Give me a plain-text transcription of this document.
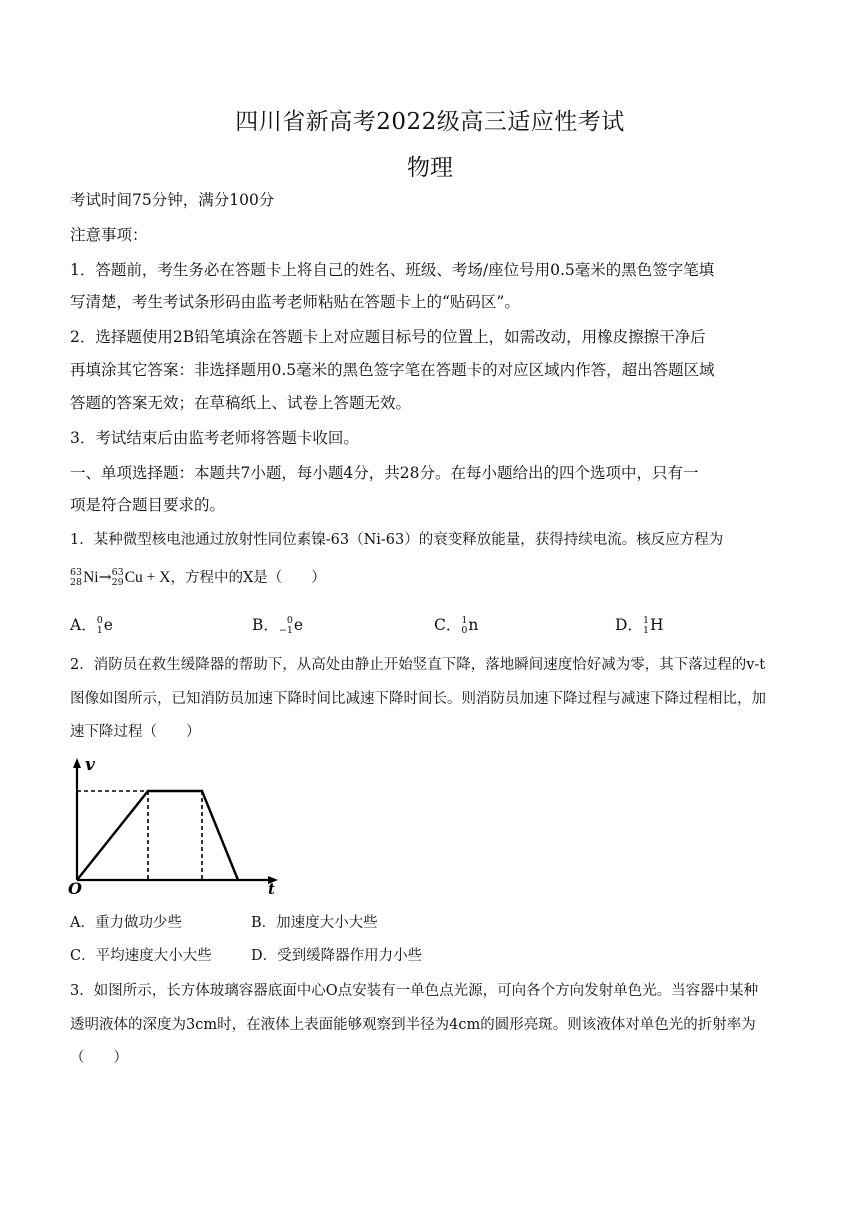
四川省新高考2022级高三适应性考试
物理
考试时间75分钟，满分100分
注意事项：
1．答题前，考生务必在答题卡上将自己的姓名、班级、考场/座位号用0.5毫米的黑色签字笔填
写清楚，考生考试条形码由监考老师粘贴在答题卡上的“贴码区”。
2．选择题使用2B铅笔填涂在答题卡上对应题目标号的位置上，如需改动，用橡皮擦擦干净后
再填涂其它答案：非选择题用0.5毫米的黑色签字笔在答题卡的对应区域内作答，超出答题区域
答题的答案无效；在草稿纸上、试卷上答题无效。
3．考试结束后由监考老师将答题卡收回。
一、单项选择题：本题共7小题，每小题4分，共28分。在每小题给出的四个选项中，只有一
项是符合题目要求的。
1．某种微型核电池通过放射性同位素镍-63（Ni-63）的衰变释放能量，获得持续电流。核反应方程为
63
28Ni→63
29Cu + X，方程中的X是（　　）
A．0
1e	B． 0
−1e	C．1
0n	D．1
1H
2．消防员在救生缓降器的帮助下，从高处由静止开始竖直下降，落地瞬间速度恰好减为零，其下落过程的v-t
图像如图所示，已知消防员加速下降时间比减速下降时间长。则消防员加速下降过程与减速下降过程相比，加
速下降过程（　　）
v
t
O
A．重力做功少些	B．加速度大小大些
C．平均速度大小大些	D．受到缓降器作用力小些
3．如图所示，长方体玻璃容器底面中心O点安装有一单色点光源，可向各个方向发射单色光。当容器中某种
透明液体的深度为3cm时，在液体上表面能够观察到半径为4cm的圆形亮斑。则该液体对单色光的折射率为
（　　）
